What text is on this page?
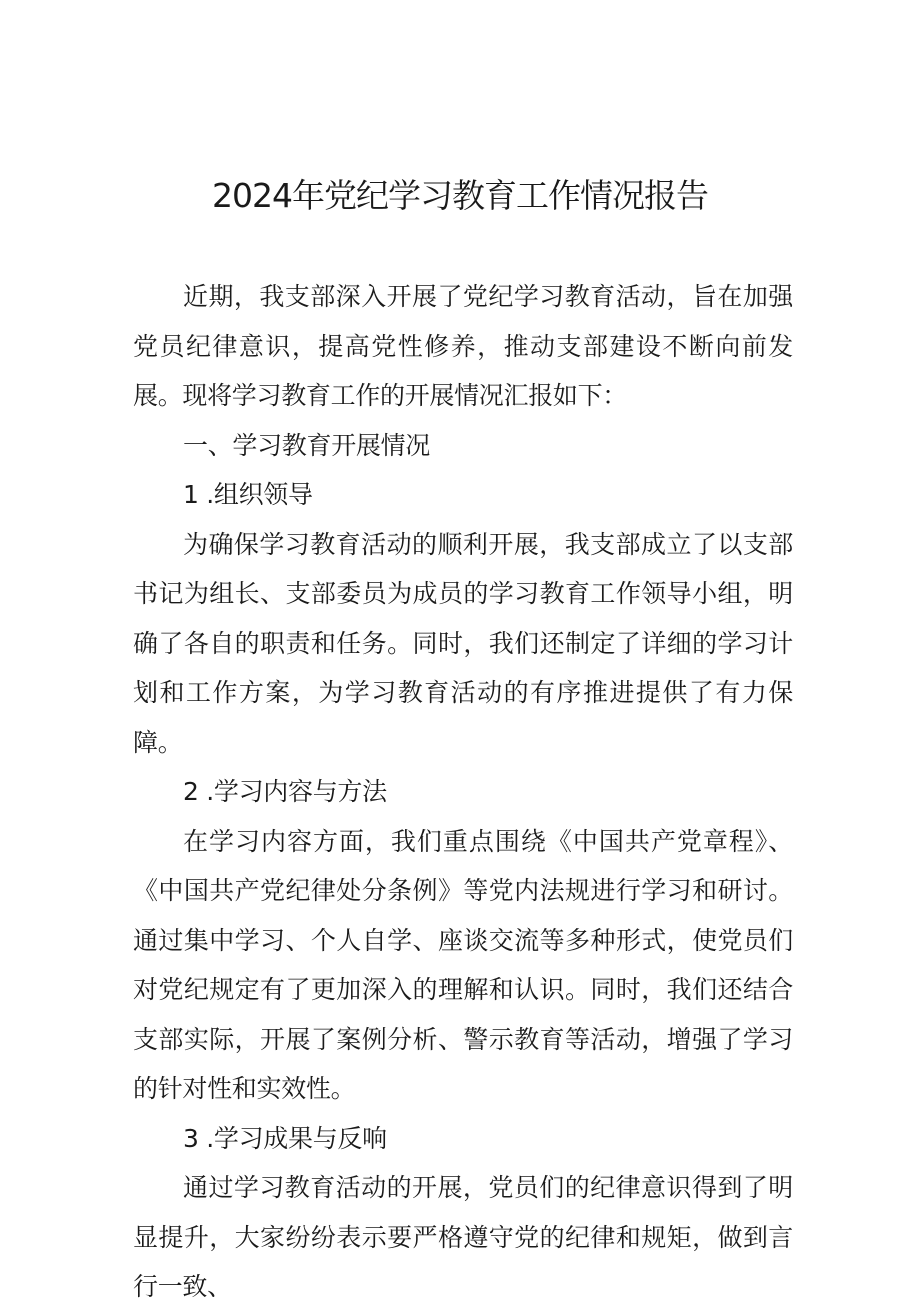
2024年党纪学习教育工作情况报告

近期，我支部深入开展了党纪学习教育活动，旨在加强党员纪律意识，提高党性修养，推动支部建设不断向前发展。现将学习教育工作的开展情况汇报如下：

一、学习教育开展情况

1 .组织领导

为确保学习教育活动的顺利开展，我支部成立了以支部书记为组长、支部委员为成员的学习教育工作领导小组，明确了各自的职责和任务。同时，我们还制定了详细的学习计划和工作方案，为学习教育活动的有序推进提供了有力保障。

2 .学习内容与方法

在学习内容方面，我们重点围绕《中国共产党章程》、《中国共产党纪律处分条例》等党内法规进行学习和研讨。通过集中学习、个人自学、座谈交流等多种形式，使党员们对党纪规定有了更加深入的理解和认识。同时，我们还结合支部实际，开展了案例分析、警示教育等活动，增强了学习的针对性和实效性。

3 .学习成果与反响

通过学习教育活动的开展，党员们的纪律意识得到了明显提升，大家纷纷表示要严格遵守党的纪律和规矩，做到言行一致、
